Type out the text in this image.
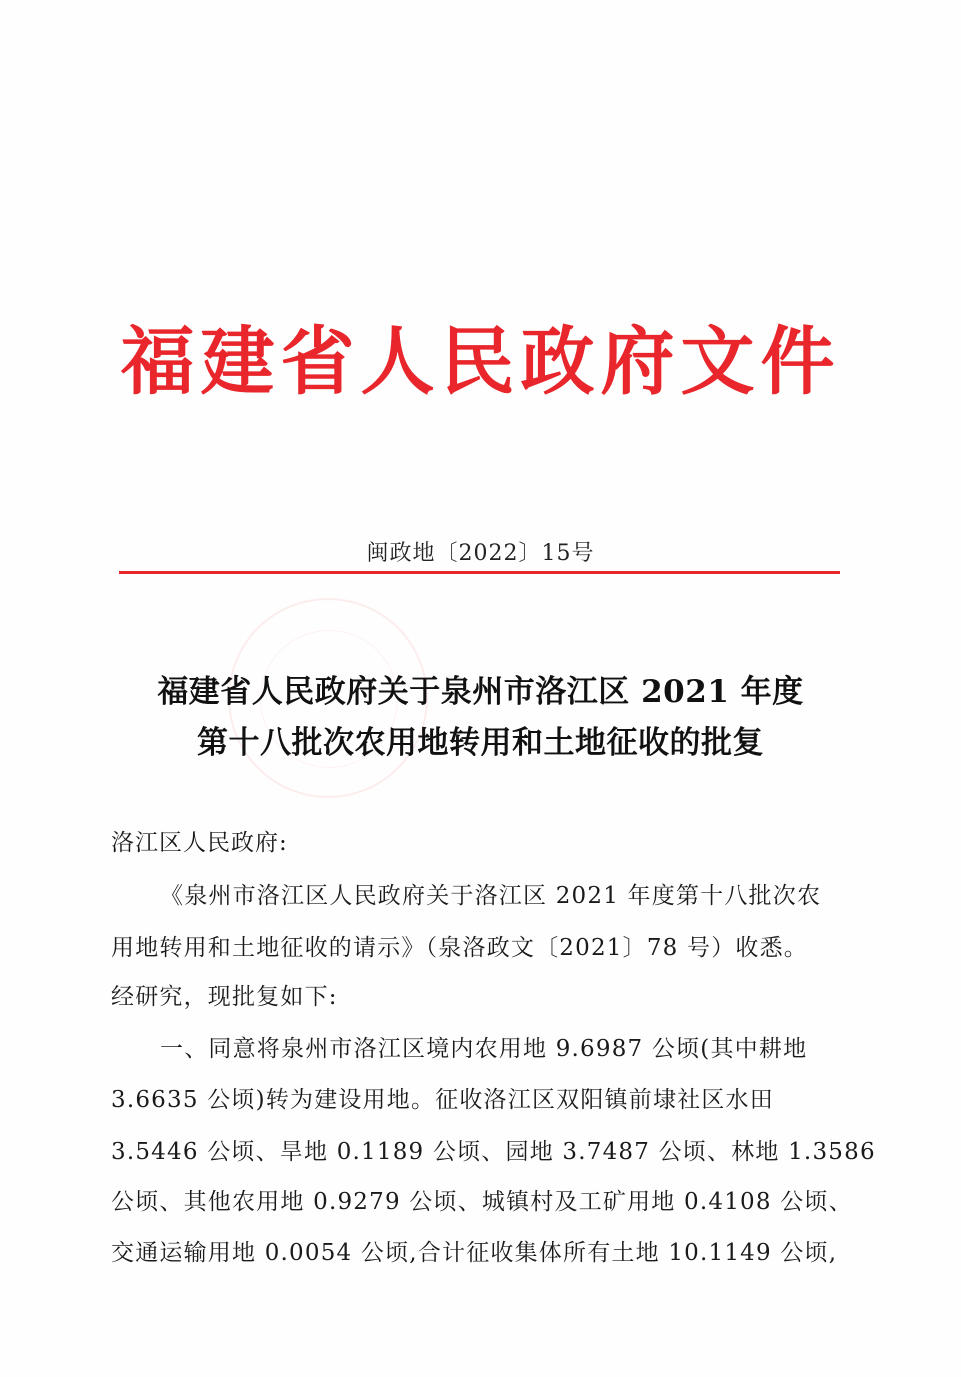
福建省人民政府文件
闽政地〔2022〕15号
福建省人民政府关于泉州市洛江区 2021 年度
第十八批次农用地转用和土地征收的批复
洛江区人民政府:
《泉州市洛江区人民政府关于洛江区 2021 年度第十八批次农
用地转用和土地征收的请示》（泉洛政文〔2021〕78 号）收悉。
经研究，现批复如下:
一、同意将泉州市洛江区境内农用地 9.6987 公顷(其中耕地
3.6635 公顷)转为建设用地。征收洛江区双阳镇前埭社区水田
3.5446 公顷、旱地 0.1189 公顷、园地 3.7487 公顷、林地 1.3586
公顷、其他农用地 0.9279 公顷、城镇村及工矿用地 0.4108 公顷、
交通运输用地 0.0054 公顷,合计征收集体所有土地 10.1149 公顷,
